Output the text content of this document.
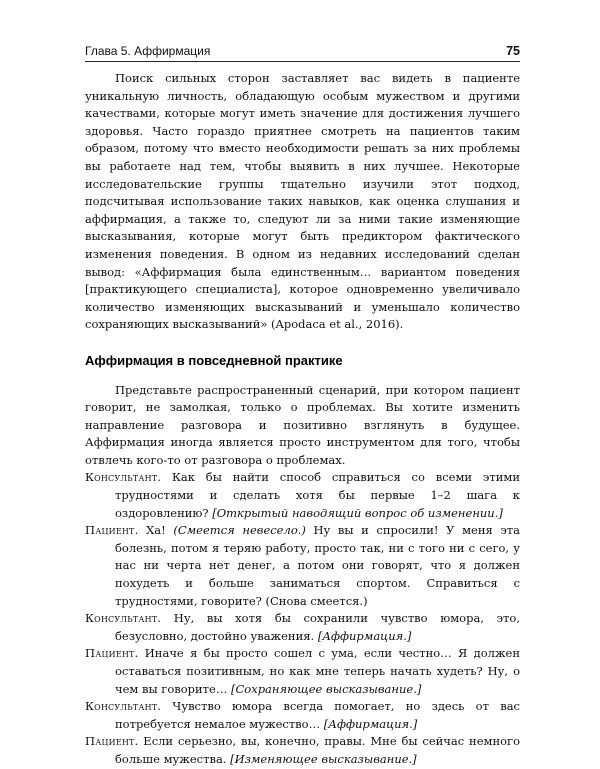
Глава 5. Аффирмация	75

Поиск сильных сторон заставляет вас видеть в пациенте уникальную личность, обладающую особым мужеством и другими качествами, которые могут иметь значение для достижения лучшего здоровья. Часто гораздо приятнее смотреть на пациентов таким образом, потому что вместо необходимости решать за них проблемы вы работаете над тем, чтобы выявить в них лучшее. Некоторые исследовательские группы тщательно изучили этот подход, подсчитывая использование таких навыков, как оценка слушания и аффирмация, а также то, следуют ли за ними такие изменяющие высказывания, которые могут быть предиктором фактического изменения поведения. В одном из недавних исследований сделан вывод: «Аффирмация была единственным… вариантом поведения [практикующего специалиста], которое одновременно увеличивало количество изменяющих высказываний и уменьшало количество сохраняющих высказываний» (Apodaca et al., 2016).

Аффирмация в повседневной практике

Представьте распространенный сценарий, при котором пациент говорит, не замолкая, только о проблемах. Вы хотите изменить направление разговора и позитивно взглянуть в будущее. Аффирмация иногда является просто инструментом для того, чтобы отвлечь кого-то от разговора о проблемах.

Консультант. Как бы найти способ справиться со всеми этими трудностями и сделать хотя бы первые 1–2 шага к оздоровлению? [Открытый наводящий вопрос об изменении.]

Пациент. Ха! (Смеется невесело.) Ну вы и спросили! У меня эта болезнь, потом я теряю работу, просто так, ни с того ни с сего, у нас ни черта нет денег, а потом они говорят, что я должен похудеть и больше заниматься спортом. Справиться с трудностями, говорите? (Снова смеется.)

Консультант. Ну, вы хотя бы сохранили чувство юмора, это, безусловно, достойно уважения. [Аффирмация.]

Пациент. Иначе я бы просто сошел с ума, если честно… Я должен оставаться позитивным, но как мне теперь начать худеть? Ну, о чем вы говорите… [Сохраняющее высказывание.]

Консультант. Чувство юмора всегда помогает, но здесь от вас потребуется немалое мужество… [Аффирмация.]

Пациент. Если серьезно, вы, конечно, правы. Мне бы сейчас немного больше мужества. [Изменяющее высказывание.]
